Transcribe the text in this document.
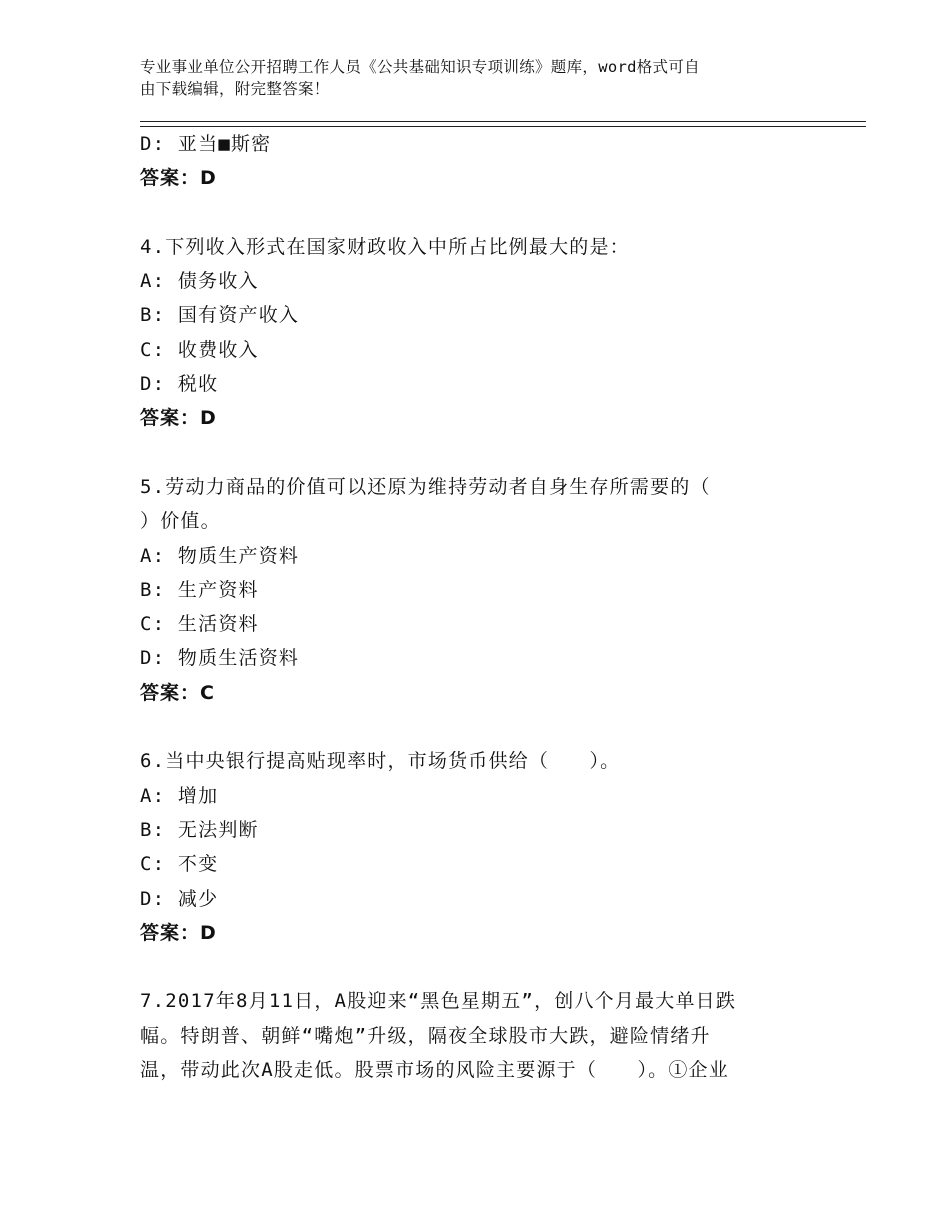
专业事业单位公开招聘工作人员《公共基础知识专项训练》题库，word格式可自
由下载编辑，附完整答案！
D: 亚当■斯密
答案：D
4.下列收入形式在国家财政收入中所占比例最大的是：
A: 债务收入
B: 国有资产收入
C: 收费收入
D: 税收
答案：D
5.劳动力商品的价值可以还原为维持劳动者自身生存所需要的（
）价值。
A: 物质生产资料
B: 生产资料
C: 生活资料
D: 物质生活资料
答案：C
6.当中央银行提高贴现率时，市场货币供给（　　）。
A: 增加
B: 无法判断
C: 不变
D: 减少
答案：D
7.2017年8月11日，A股迎来“黑色星期五”，创八个月最大单日跌
幅。特朗普、朝鲜“嘴炮”升级，隔夜全球股市大跌，避险情绪升
温，带动此次A股走低。股票市场的风险主要源于（　　）。①企业
